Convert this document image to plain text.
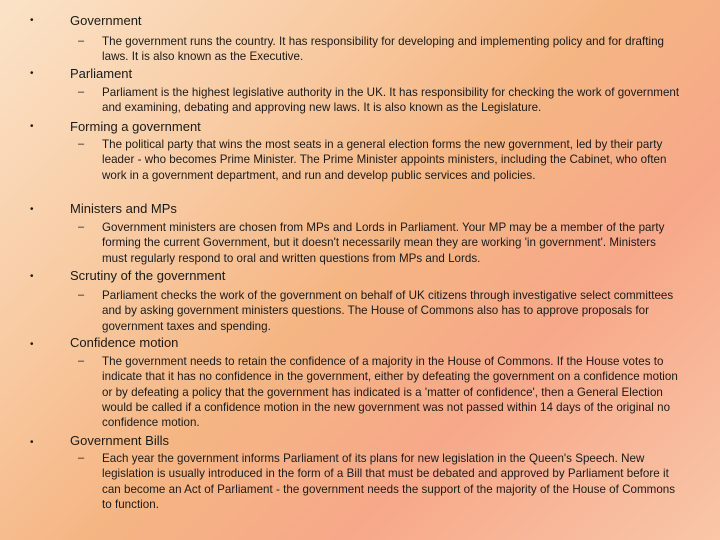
•	Government
– The government runs the country. It has responsibility for developing and implementing policy and for drafting laws. It is also known as the Executive.
•	Parliament
– Parliament is the highest legislative authority in the UK. It has responsibility for checking the work of government and examining, debating and approving new laws. It is also known as the Legislature.
•	Forming a government
– The political party that wins the most seats in a general election forms the new government, led by their party leader - who becomes Prime Minister. The Prime Minister appoints ministers, including the Cabinet, who often work in a government department, and run and develop public services and policies.
•	Ministers and MPs
– Government ministers are chosen from MPs and Lords in Parliament. Your MP may be a member of the party forming the current Government, but it doesn't necessarily mean they are working 'in government'. Ministers must regularly respond to oral and written questions from MPs and Lords.
•	Scrutiny of the government
– Parliament checks the work of the government on behalf of UK citizens through investigative select committees and by asking government ministers questions. The House of Commons also has to approve proposals for government taxes and spending.
•	Confidence motion
– The government needs to retain the confidence of a majority in the House of Commons. If the House votes to indicate that it has no confidence in the government, either by defeating the government on a confidence motion or by defeating a policy that the government has indicated is a 'matter of confidence', then a General Election would be called if a confidence motion in the new government was not passed within 14 days of the original no confidence motion.
•	Government Bills
– Each year the government informs Parliament of its plans for new legislation in the Queen's Speech. New legislation is usually introduced in the form of a Bill that must be debated and approved by Parliament before it can become an Act of Parliament - the government needs the support of the majority of the House of Commons to function.
